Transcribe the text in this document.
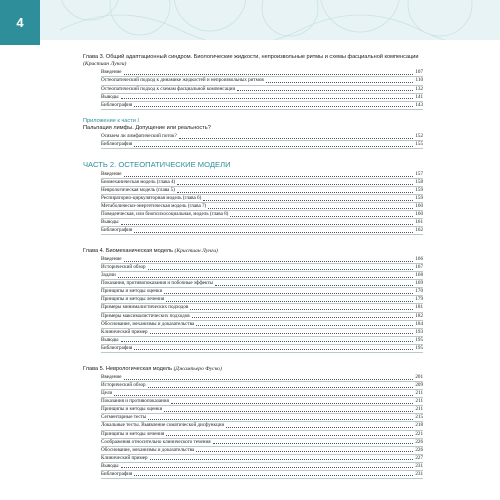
4

Глава 3. Общий адаптационный синдром. Биологические жидкости, непроизвольные ритмы и схемы фасциальной компенсации (Кристиан Лунги)

Введение	107
Остеопатический подход к динамике жидкостей и непроизвольных ритмов	110
Остеопатический подход к схемам фасциальной компенсации	132
Выводы	141
Библиография	143

Приложение к части I

Пальпация лимфы. Допущение или реальность?

Осязаем ли лимфатический поток?	152
Библиография	155

ЧАСТЬ 2. ОСТЕОПАТИЧЕСКИЕ МОДЕЛИ

Введение	157
Биомеханическая модель (глава 4)	158
Неврологическая модель (глава 5)	159
Респираторно-циркуляторная модель (глава 6)	159
Метаболически-энергетическая модель (глава 7)	160
Поведенческая, или биопсихосоциальная, модель (глава 8)	160
Выводы	161
Библиография	162

Глава 4. Биомеханическая модель (Кристиан Лунги)

Введение	166
Исторический обзор	167
Задачи	168
Показания, противопоказания и побочные эффекты	169
Принципы и методы оценки	170
Принципы и методы лечения	179
Примеры минималистических подходов	181
Примеры максималистических подходов	182
Обоснование, механизмы и доказательства	184
Клинический пример	193
Выводы	195
Библиография	195

Глава 5. Неврологическая модель (Джампьеро Фуско)

Введение	201
Исторический обзор	209
Цели	211
Показания и противопоказания	211
Принципы и методы оценки	211
Сегментарные тесты	215
Локальные тесты. Выявление соматической дисфункции	218
Принципы и методы лечения	221
Соображения относительно клинического течения	226
Обоснование, механизмы и доказательства	226
Клинический пример	227
Выводы	231
Библиография	231
